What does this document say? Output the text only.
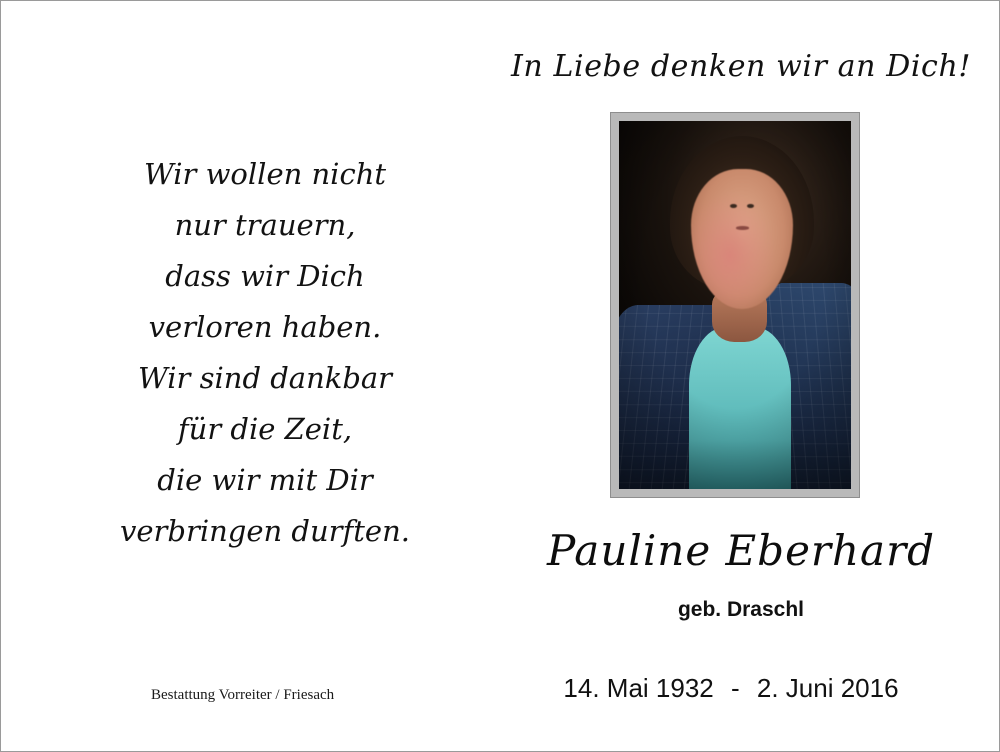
In Liebe denken wir an Dich!
Wir wollen nicht
nur trauern,
dass wir Dich
verloren haben.
Wir sind dankbar
für die Zeit,
die wir mit Dir
verbringen durften.	Pauline Eberhard
geb. Draschl
14. Mai 1932 - 2. Juni 2016
Bestattung Vorreiter / Friesach
